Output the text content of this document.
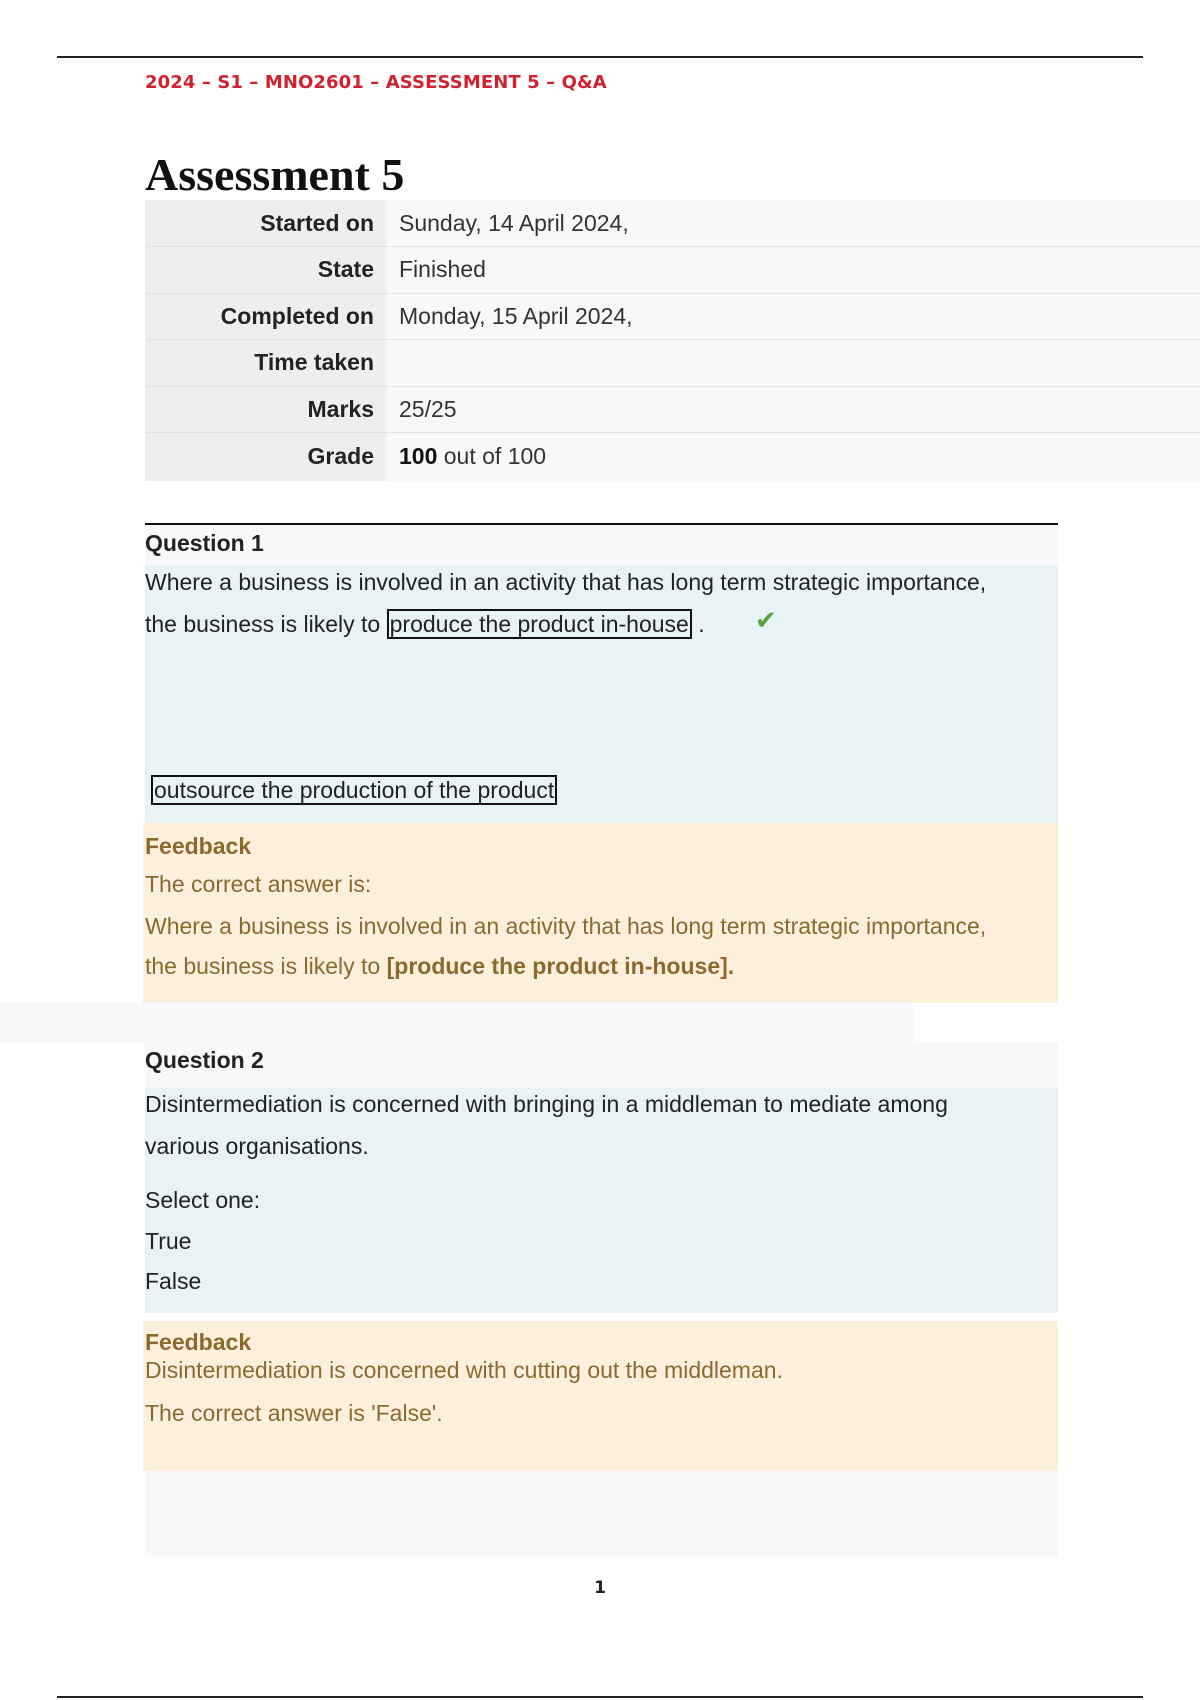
2024 – S1 – MNO2601 – ASSESSMENT 5 – Q&A
Assessment 5
Started on	Sunday, 14 April 2024,
State	Finished
Completed on	Monday, 15 April 2024,
Time taken	
Marks	25/25
Grade	100 out of 100
Question 1
Where a business is involved in an activity that has long term strategic importance,
the business is likely to produce the product in-house .	✔
outsource the production of the product
Feedback
The correct answer is:
Where a business is involved in an activity that has long term strategic importance,
the business is likely to [produce the product in-house].
Question 2
Disintermediation is concerned with bringing in a middleman to mediate among
various organisations.
Select one:
True
False
Feedback
Disintermediation is concerned with cutting out the middleman.
The correct answer is 'False'.
1
